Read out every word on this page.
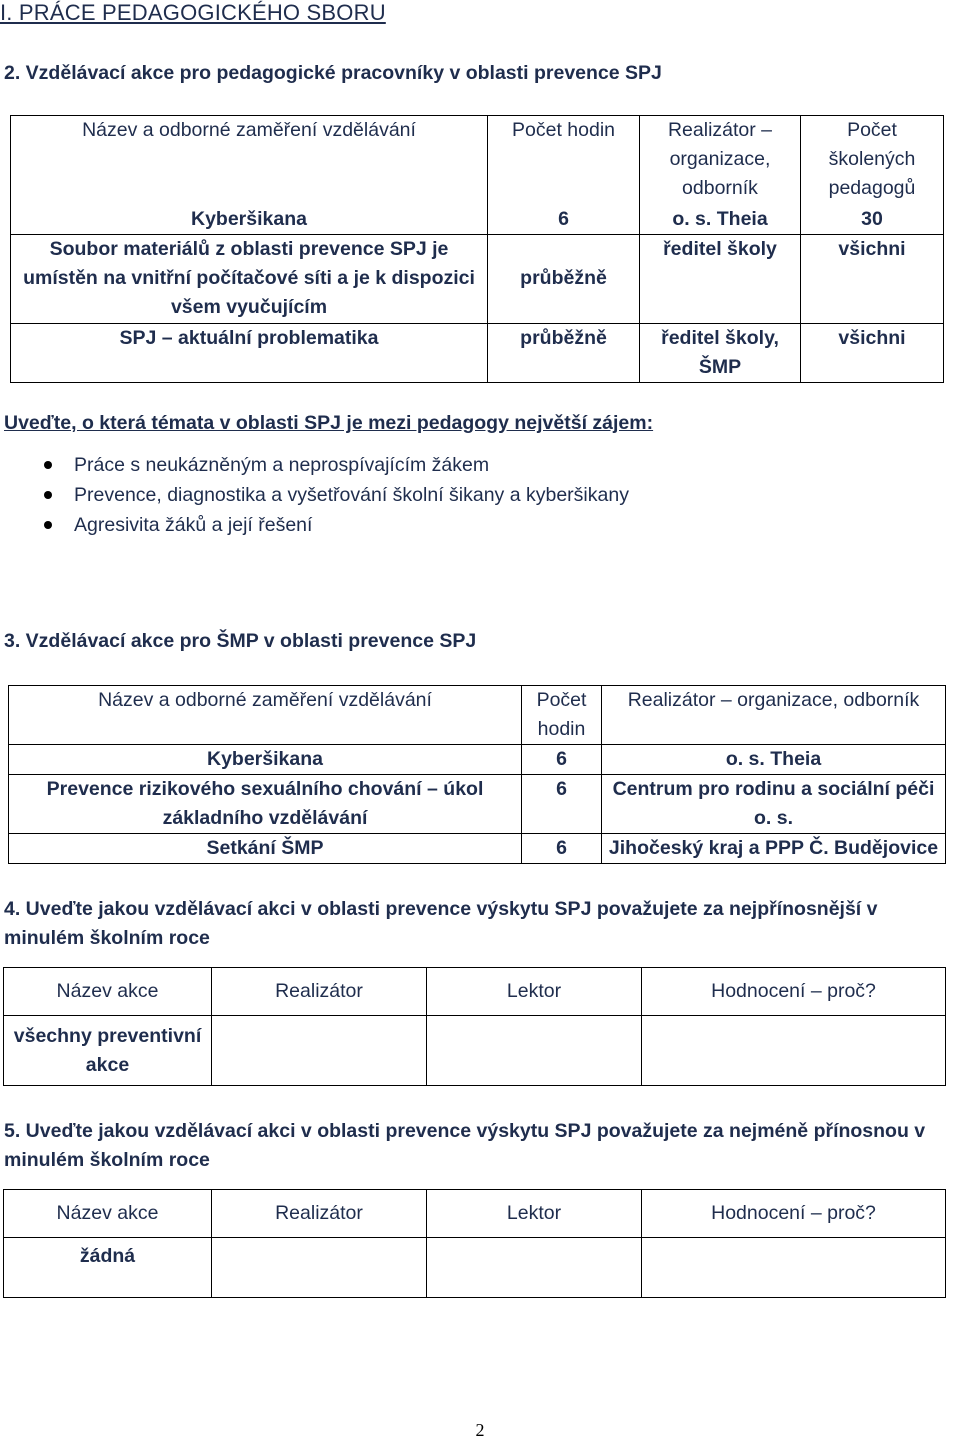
I. PRÁCE PEDAGOGICKÉHO SBORU
2. Vzdělávací akce pro pedagogické pracovníky v oblasti prevence SPJ
Název a odborné zaměření vzdělávání	Počet hodin	Realizátor – organizace, odborník	Počet školených pedagogů
Kyberšikana	6	o. s. Theia	30
Soubor materiálů z oblasti prevence SPJ je umístěn na vnitřní počítačové síti a je k dispozici všem vyučujícím	průběžně	ředitel školy	všichni
SPJ – aktuální problematika	průběžně	ředitel školy, ŠMP	všichni
Uveďte, o která témata v oblasti SPJ je mezi pedagogy největší zájem:
Práce s neukázněným a neprospívajícím žákem
Prevence, diagnostika a vyšetřování školní šikany a kyberšikany
Agresivita žáků a její řešení
3. Vzdělávací akce pro ŠMP v oblasti prevence SPJ
Název a odborné zaměření vzdělávání	Počet hodin	Realizátor – organizace, odborník
Kyberšikana	6	o. s. Theia
Prevence rizikového sexuálního chování – úkol základního vzdělávání	6	Centrum pro rodinu a sociální péči o. s.
Setkání ŠMP	6	Jihočeský kraj a PPP Č. Budějovice
4. Uveďte jakou vzdělávací akci v oblasti prevence výskytu SPJ považujete za nejpřínosnější v minulém školním roce
Název akce	Realizátor	Lektor	Hodnocení – proč?
všechny preventivní akce			
5. Uveďte jakou vzdělávací akci v oblasti prevence výskytu SPJ považujete za nejméně přínosnou v minulém školním roce
Název akce	Realizátor	Lektor	Hodnocení – proč?
žádná			
2
